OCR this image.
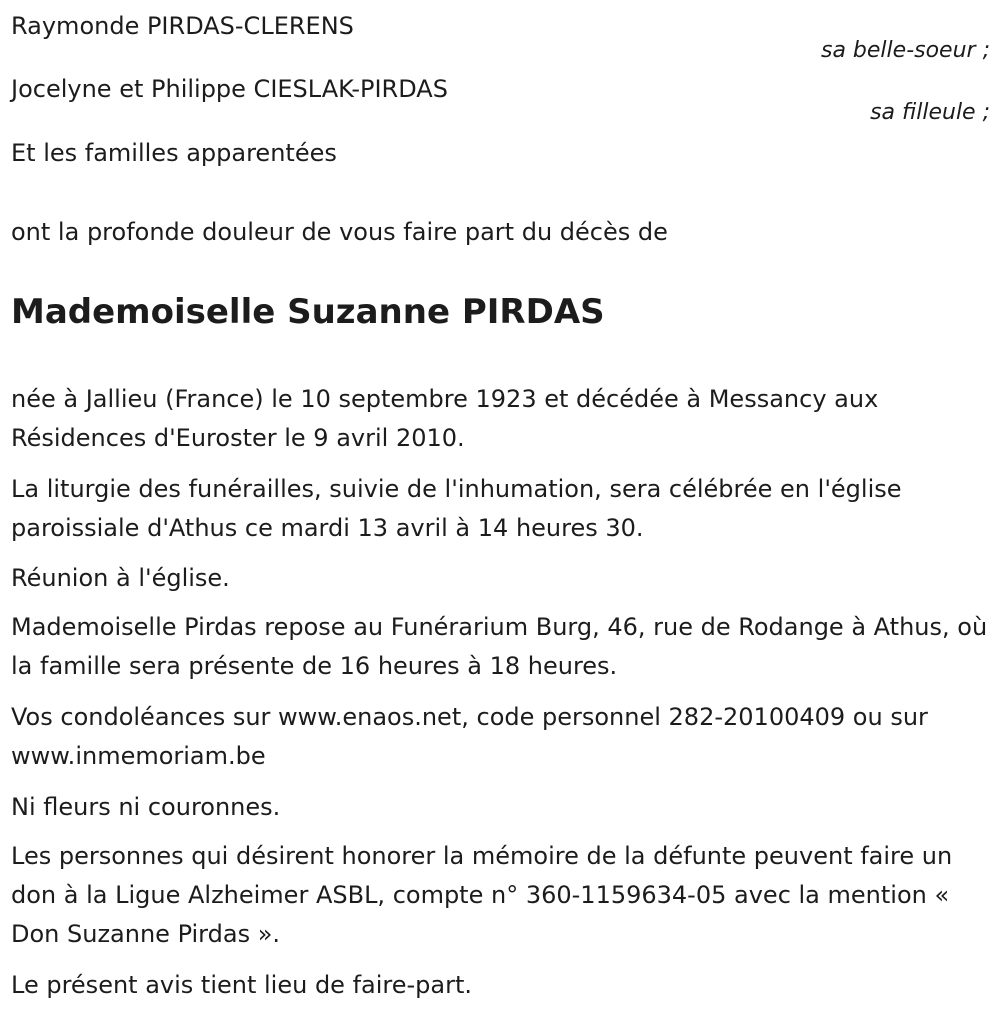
Raymonde PIRDAS-CLERENS

sa belle-soeur ;

Jocelyne et Philippe CIESLAK-PIRDAS

sa filleule ;

Et les familles apparentées

ont la profonde douleur de vous faire part du décès de

Mademoiselle Suzanne PIRDAS

née à Jallieu (France) le 10 septembre 1923 et décédée à Messancy aux Résidences d'Euroster le 9 avril 2010.

La liturgie des funérailles, suivie de l'inhumation, sera célébrée en l'église paroissiale d'Athus ce mardi 13 avril à 14 heures 30.

Réunion à l'église.

Mademoiselle Pirdas repose au Funérarium Burg, 46, rue de Rodange à Athus, où la famille sera présente de 16 heures à 18 heures.

Vos condoléances sur www.enaos.net, code personnel 282-20100409 ou sur www.inmemoriam.be

Ni fleurs ni couronnes.

Les personnes qui désirent honorer la mémoire de la défunte peuvent faire un don à la Ligue Alzheimer ASBL, compte n° 360-1159634-05 avec la mention « Don Suzanne Pirdas ».

Le présent avis tient lieu de faire-part.
